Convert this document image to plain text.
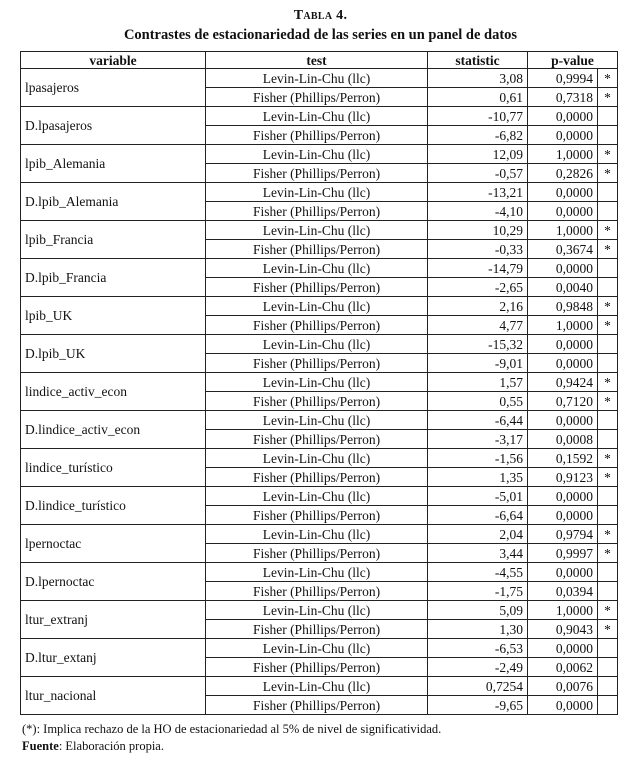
Tabla 4.
Contrastes de estacionariedad de las series en un panel de datos
variable	test	statistic	p-value	
lpasajeros	Levin-Lin-Chu (llc)	3,08	0,9994	*
	Fisher (Phillips/Perron)	0,61	0,7318	*
D.lpasajeros	Levin-Lin-Chu (llc)	-10,77	0,0000	
	Fisher (Phillips/Perron)	-6,82	0,0000	
lpib_Alemania	Levin-Lin-Chu (llc)	12,09	1,0000	*
	Fisher (Phillips/Perron)	-0,57	0,2826	*
D.lpib_Alemania	Levin-Lin-Chu (llc)	-13,21	0,0000	
	Fisher (Phillips/Perron)	-4,10	0,0000	
lpib_Francia	Levin-Lin-Chu (llc)	10,29	1,0000	*
	Fisher (Phillips/Perron)	-0,33	0,3674	*
D.lpib_Francia	Levin-Lin-Chu (llc)	-14,79	0,0000	
	Fisher (Phillips/Perron)	-2,65	0,0040	
lpib_UK	Levin-Lin-Chu (llc)	2,16	0,9848	*
	Fisher (Phillips/Perron)	4,77	1,0000	*
D.lpib_UK	Levin-Lin-Chu (llc)	-15,32	0,0000	
	Fisher (Phillips/Perron)	-9,01	0,0000	
lindice_activ_econ	Levin-Lin-Chu (llc)	1,57	0,9424	*
	Fisher (Phillips/Perron)	0,55	0,7120	*
D.lindice_activ_econ	Levin-Lin-Chu (llc)	-6,44	0,0000	
	Fisher (Phillips/Perron)	-3,17	0,0008	
lindice_turístico	Levin-Lin-Chu (llc)	-1,56	0,1592	*
	Fisher (Phillips/Perron)	1,35	0,9123	*
D.lindice_turístico	Levin-Lin-Chu (llc)	-5,01	0,0000	
	Fisher (Phillips/Perron)	-6,64	0,0000	
lpernoctac	Levin-Lin-Chu (llc)	2,04	0,9794	*
	Fisher (Phillips/Perron)	3,44	0,9997	*
D.lpernoctac	Levin-Lin-Chu (llc)	-4,55	0,0000	
	Fisher (Phillips/Perron)	-1,75	0,0394	
ltur_extranj	Levin-Lin-Chu (llc)	5,09	1,0000	*
	Fisher (Phillips/Perron)	1,30	0,9043	*
D.ltur_extanj	Levin-Lin-Chu (llc)	-6,53	0,0000	
	Fisher (Phillips/Perron)	-2,49	0,0062	
ltur_nacional	Levin-Lin-Chu (llc)	0,7254	0,0076	
	Fisher (Phillips/Perron)	-9,65	0,0000	
(*): Implica rechazo de la HO de estacionariedad al 5% de nivel de significatividad.
Fuente: Elaboración propia.
